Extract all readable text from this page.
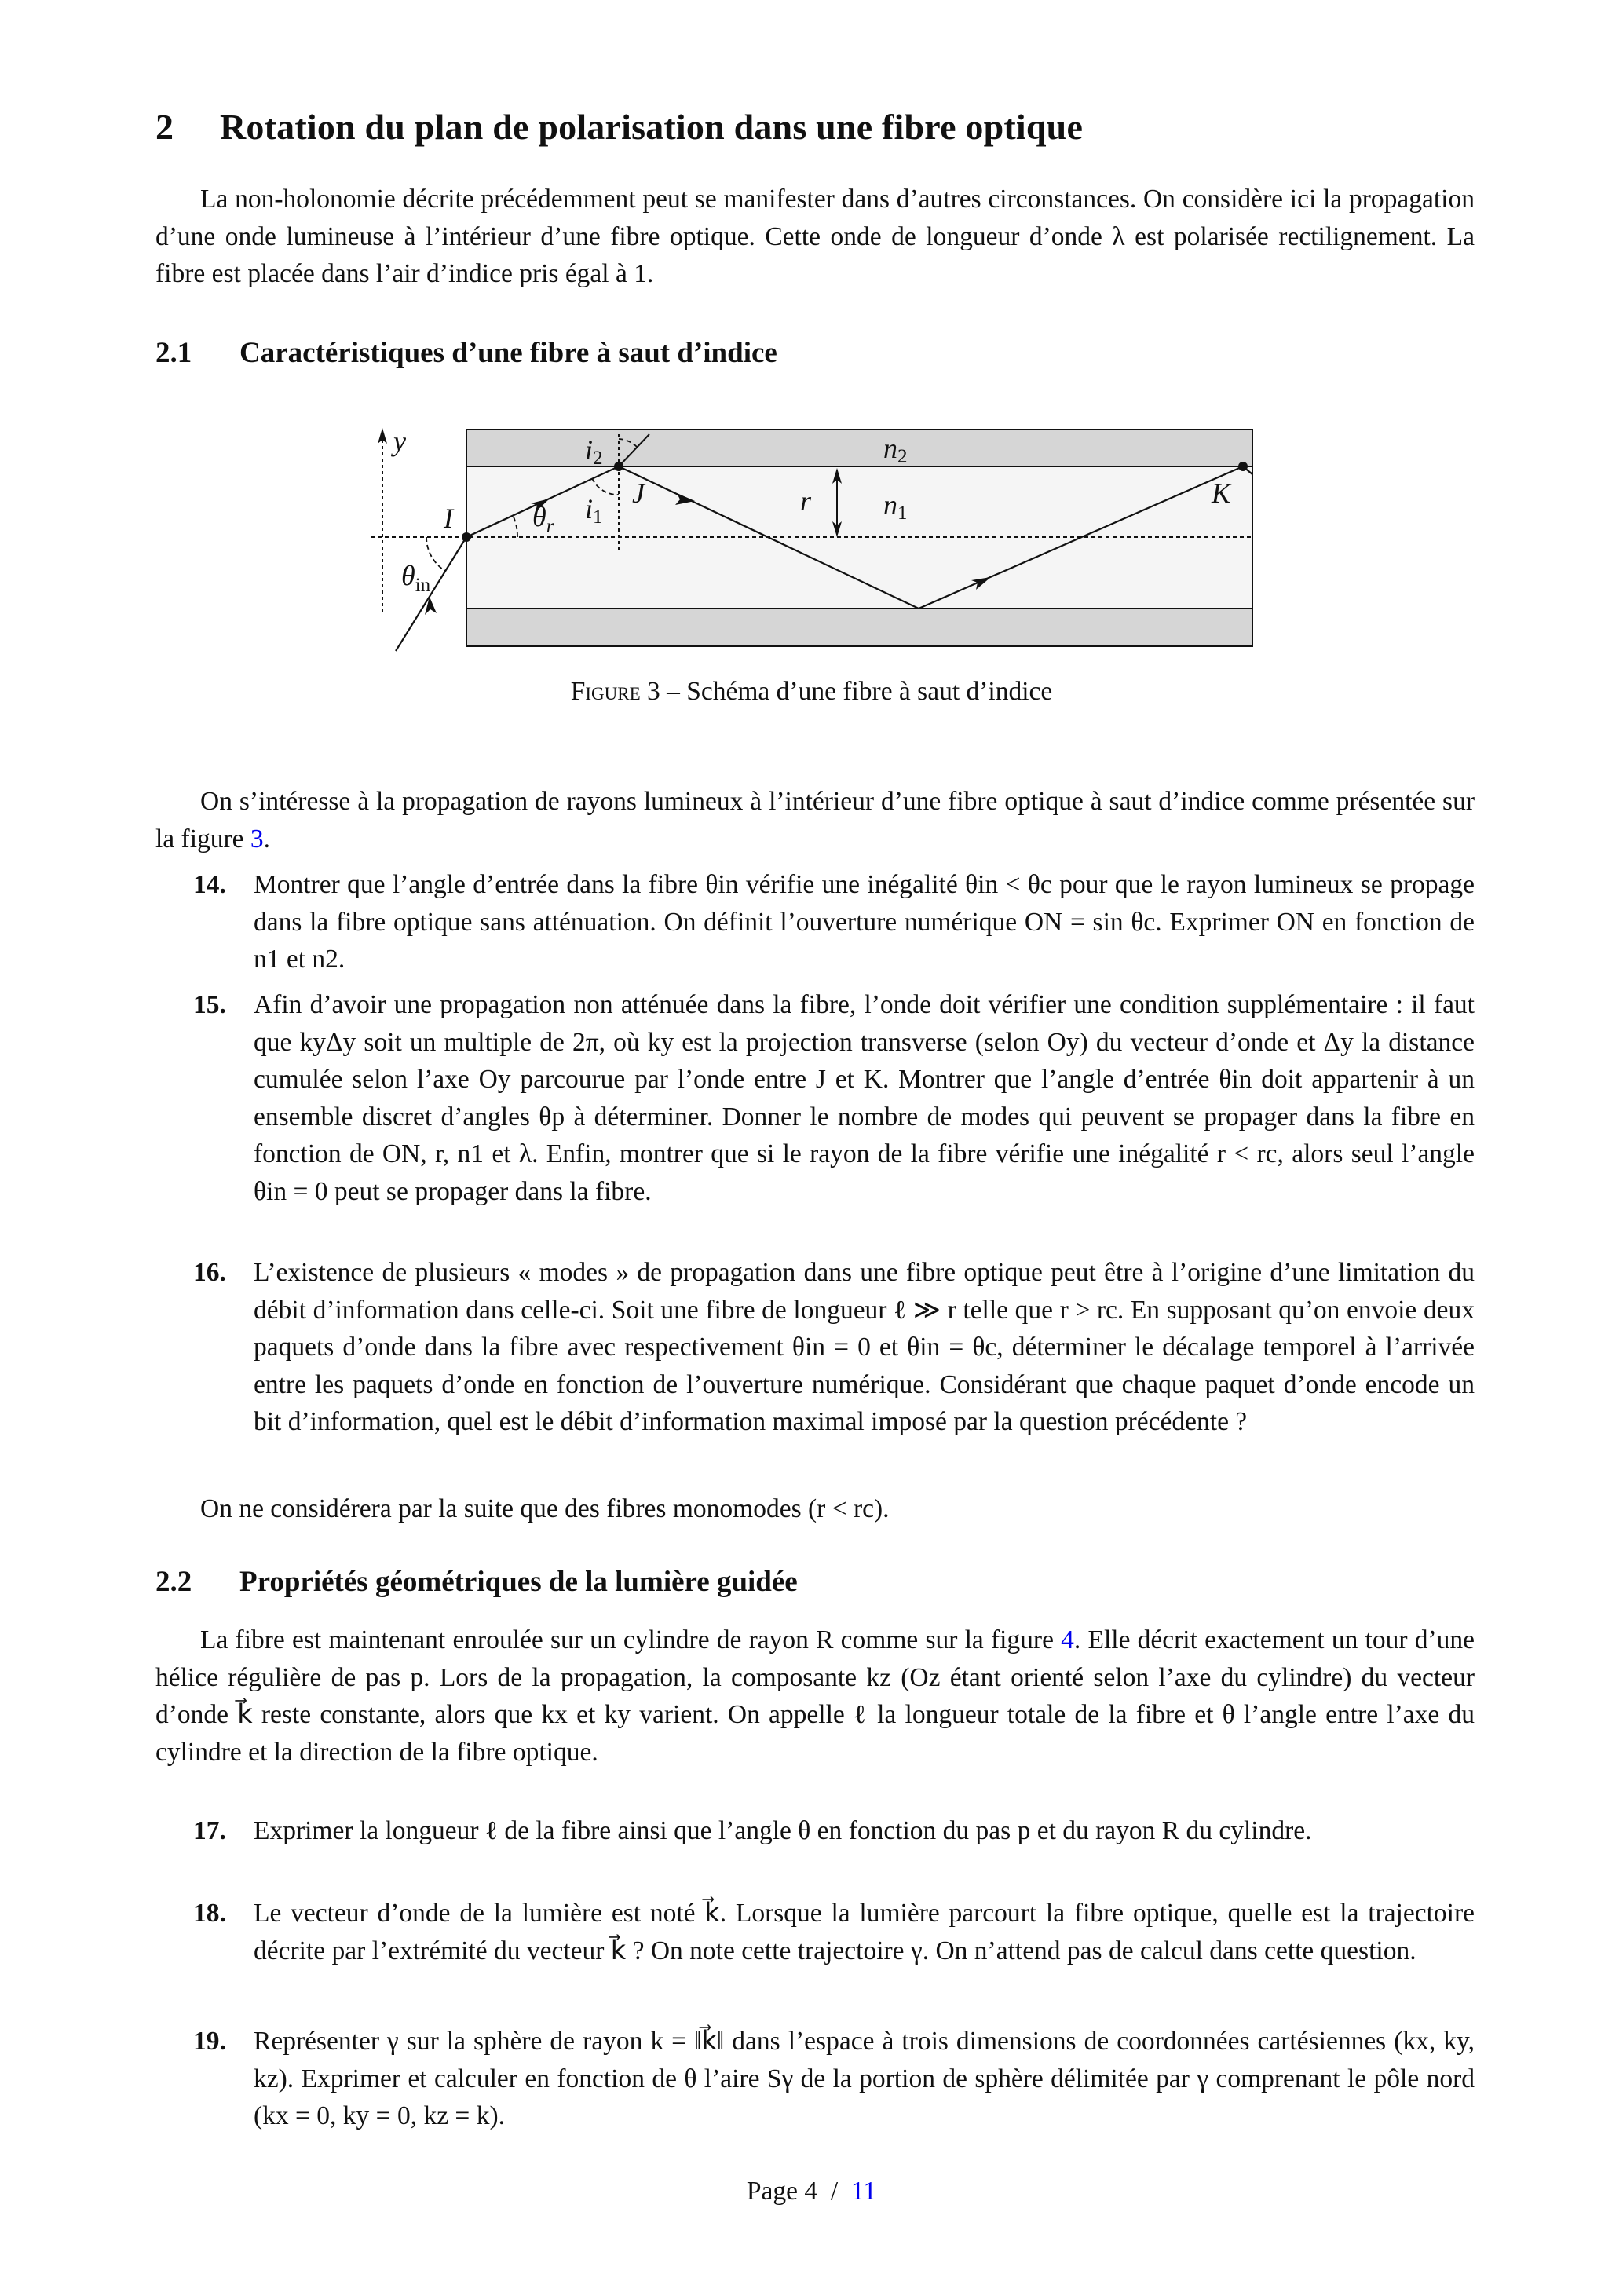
2 Rotation du plan de polarisation dans une fibre optique

La non-holonomie décrite précédemment peut se manifester dans d’autres circonstances. On considère ici la propagation d’une onde lumineuse à l’intérieur d’une fibre optique. Cette onde de longueur d’onde λ est polarisée rectilignement. La fibre est placée dans l’air d’indice pris égal à 1.

2.1 Caractéristiques d’une fibre à saut d’indice
y	i2	n2
I	$\theta_r$
i1
J	r	n1
K
$\theta_{in}$
Figure 3 – Schéma d’une fibre à saut d’indice

On s’intéresse à la propagation de rayons lumineux à l’intérieur d’une fibre optique à saut d’indice comme présentée sur la figure 3.

14. Montrer que l’angle d’entrée dans la fibre θin vérifie une inégalité θin < θc pour que le rayon lumineux se propage dans la fibre optique sans atténuation. On définit l’ouverture numérique ON = sin θc. Exprimer ON en fonction de n1 et n2.
15. Afin d’avoir une propagation non atténuée dans la fibre, l’onde doit vérifier une condition supplémentaire : il faut que kyΔy soit un multiple de 2π, où ky est la projection transverse (selon Oy) du vecteur d’onde et Δy la distance cumulée selon l’axe Oy parcourue par l’onde entre J et K. Montrer que l’angle d’entrée θin doit appartenir à un ensemble discret d’angles θp à déterminer. Donner le nombre de modes qui peuvent se propager dans la fibre en fonction de ON, r, n1 et λ. Enfin, montrer que si le rayon de la fibre vérifie une inégalité r < rc, alors seul l’angle θin = 0 peut se propager dans la fibre.
16. L’existence de plusieurs « modes » de propagation dans une fibre optique peut être à l’origine d’une limitation du débit d’information dans celle-ci. Soit une fibre de longueur ℓ ≫ r telle que r > rc. En supposant qu’on envoie deux paquets d’onde dans la fibre avec respectivement θin = 0 et θin = θc, déterminer le décalage temporel à l’arrivée entre les paquets d’onde en fonction de l’ouverture numérique. Considérant que chaque paquet d’onde encode un bit d’information, quel est le débit d’information maximal imposé par la question précédente ?

On ne considérera par la suite que des fibres monomodes (r < rc).

2.2 Propriétés géométriques de la lumière guidée

La fibre est maintenant enroulée sur un cylindre de rayon R comme sur la figure 4. Elle décrit exactement un tour d’une hélice régulière de pas p. Lors de la propagation, la composante kz (Oz étant orienté selon l’axe du cylindre) du vecteur d’onde k⃗ reste constante, alors que kx et ky varient. On appelle ℓ la longueur totale de la fibre et θ l’angle entre l’axe du cylindre et la direction de la fibre optique.

17. Exprimer la longueur ℓ de la fibre ainsi que l’angle θ en fonction du pas p et du rayon R du cylindre.
18. Le vecteur d’onde de la lumière est noté k⃗. Lorsque la lumière parcourt la fibre optique, quelle est la trajectoire décrite par l’extrémité du vecteur k⃗ ? On note cette trajectoire γ. On n’attend pas de calcul dans cette question.
19. Représenter γ sur la sphère de rayon k = ‖k⃗‖ dans l’espace à trois dimensions de coordonnées cartésiennes (kx, ky, kz). Exprimer et calculer en fonction de θ l’aire Sγ de la portion de sphère délimitée par γ comprenant le pôle nord (kx = 0, ky = 0, kz = k).
Page 4 / 11
